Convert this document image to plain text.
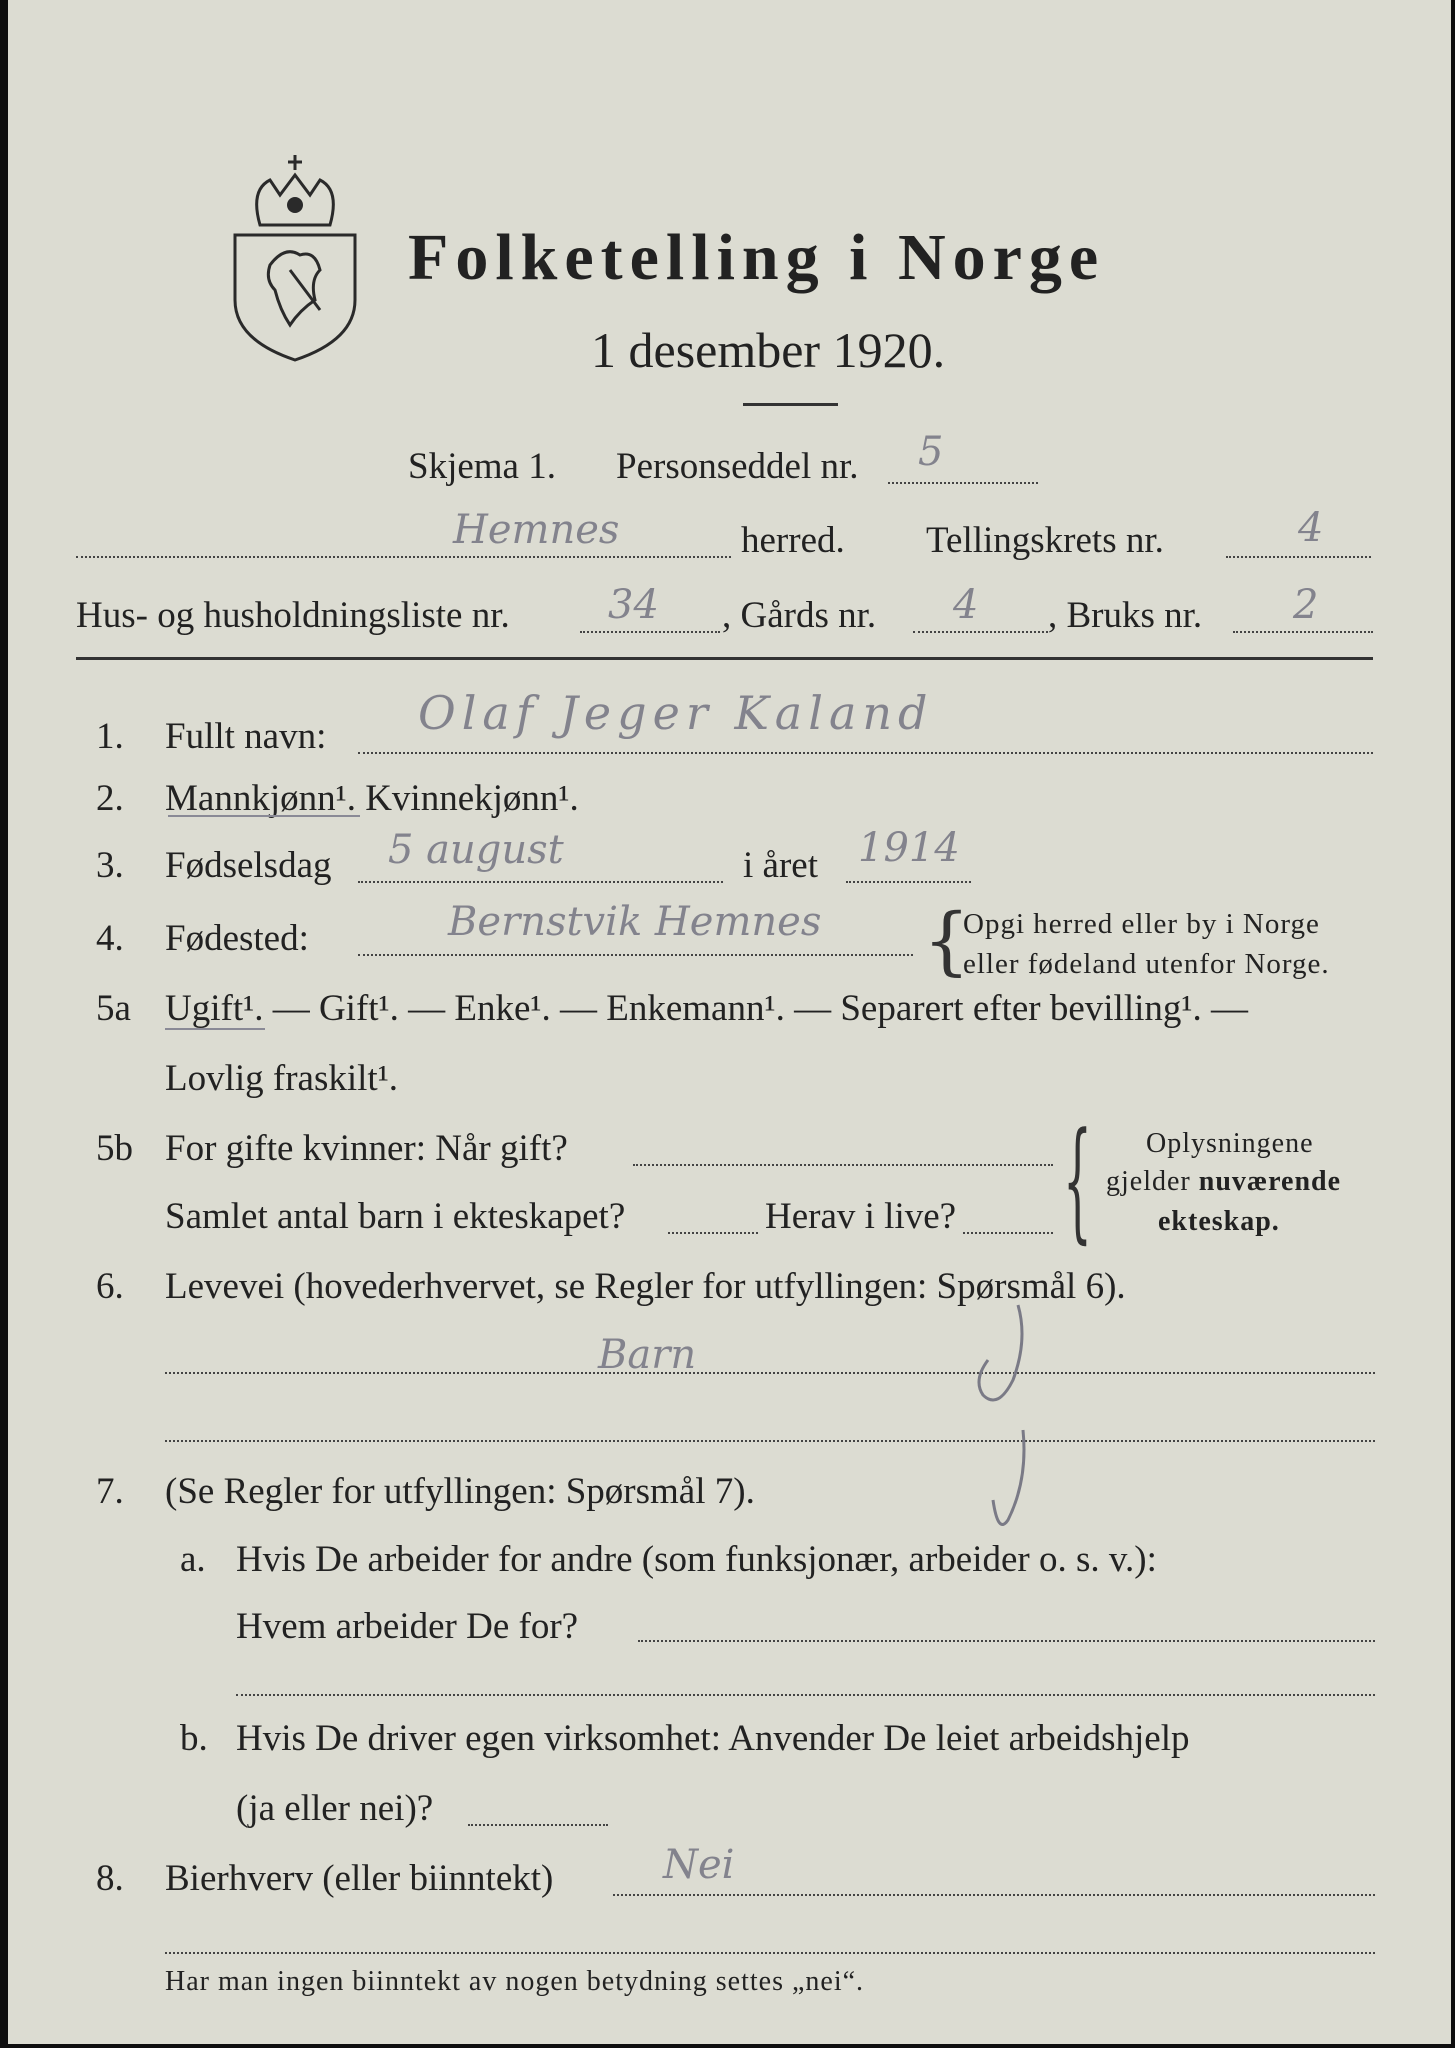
Folketelling i Norge
1 desember 1920.
Skjema 1. Personseddel nr. 5
Hemnes	herred. Tellingskrets nr.	4
Hus- og husholdningsliste nr. 34 , Gårds nr. 4 , Bruks nr. 2
1. Fullt navn: Olaf Jeger Kaland
2. Mannkjønn¹. Kvinnekjønn¹.
3. Fødselsdag 5 august	i året 1914
4. Fødested:	Bernstvik Hemnes {
Opgi herred eller by i Norge
eller fødeland utenfor Norge.
5a Ugift¹. — Gift¹. — Enke¹. — Enkemann¹. — Separert efter bevilling¹. —
Lovlig fraskilt¹.
5b For gifte kvinner: Når gift?
Samlet antal barn i ekteskapet?	Herav i live? { Oplysningene
gjelder nuværende
ekteskap.
6. Levevei (hovederhvervet, se Regler for utfyllingen: Spørsmål 6).
Barn
7. (Se Regler for utfyllingen: Spørsmål 7).
a. Hvis De arbeider for andre (som funksjonær, arbeider o. s. v.):
Hvem arbeider De for?
b. Hvis De driver egen virksomhet: Anvender De leiet arbeidshjelp
(ja eller nei)?
8. Bierhverv (eller biinntekt)	Nei
Har man ingen biinntekt av nogen betydning settes „nei“.
